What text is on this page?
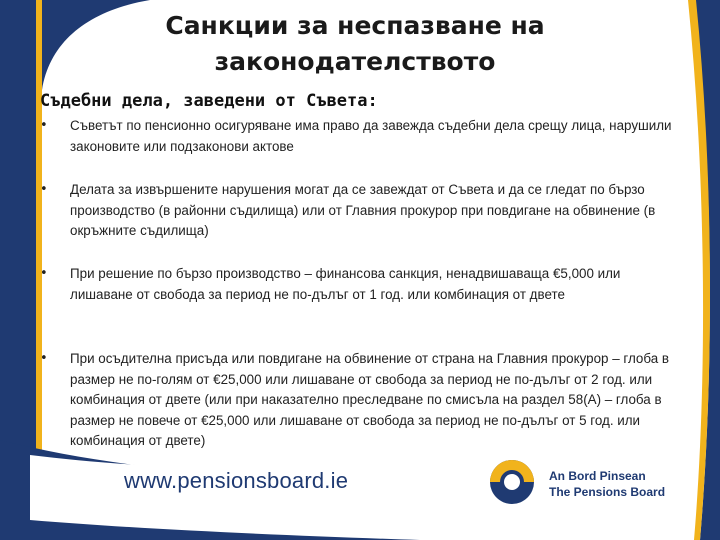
Санкции за неспазване на законодателството
Съдебни дела, заведени от Съвета:
• Съветът по пенсионно осигуряване има право да завежда съдебни дела срещу лица, нарушили законовите или подзаконови актове
• Делата за извършените нарушения могат да се завеждат от Съвета и да се гледат по бързо производство (в районни съдилища) или от Главния прокурор при повдигане на обвинение (в окръжните съдилища)
• При решение по бързо производство – финансова санкция, ненадвишаваща €5,000 или лишаване от свобода за период не по-дълъг от 1 год. или комбинация от двете
• При осъдителна присъда или повдигане на обвинение от страна на Главния прокурор – глоба в размер не по-голям от €25,000 или лишаване от свобода за период не по-дълъг от 2 год. или комбинация от двете (или при наказателно преследване по смисъла на раздел 58(А) – глоба в размер не повече от €25,000 или лишаване от свобода за период не по-дълъг от 5 год. или комбинация от двете)
www.pensionsboard.ie	An Bord Pinsean
The Pensions Board
